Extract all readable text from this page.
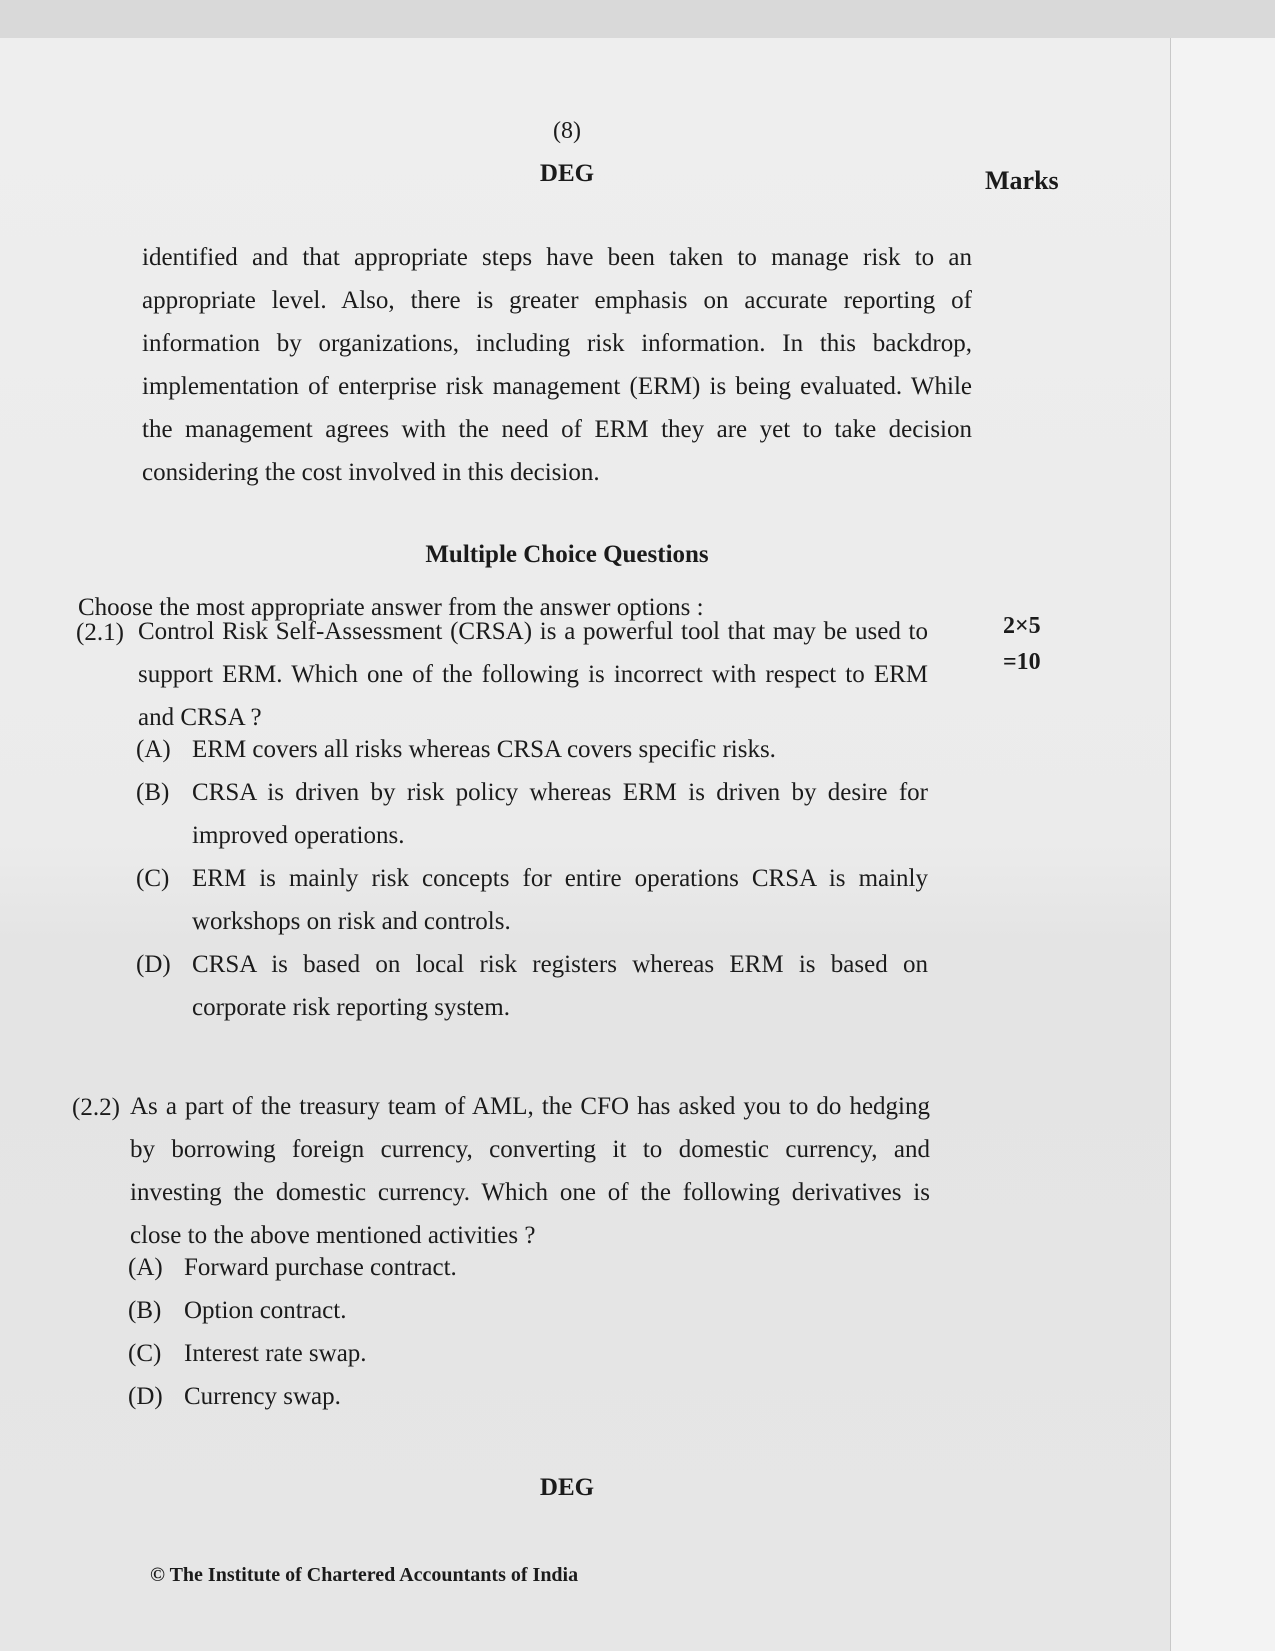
(8)
DEG	Marks

identified and that appropriate steps have been taken to manage risk to an appropriate level. Also, there is greater emphasis on accurate reporting of information by organizations, including risk information. In this backdrop, implementation of enterprise risk management (ERM) is being evaluated. While the management agrees with the need of ERM they are yet to take decision considering the cost involved in this decision.

Multiple Choice Questions
Choose the most appropriate answer from the answer options :
2×5
=10
(2.1) Control Risk Self-Assessment (CRSA) is a powerful tool that may be used to support ERM. Which one of the following is incorrect with respect to ERM and CRSA ?

(A) ERM covers all risks whereas CRSA covers specific risks.

(B) CRSA is driven by risk policy whereas ERM is driven by desire for improved operations.

(C) ERM is mainly risk concepts for entire operations CRSA is mainly workshops on risk and controls.

(D) CRSA is based on local risk registers whereas ERM is based on corporate risk reporting system.

(2.2) As a part of the treasury team of AML, the CFO has asked you to do hedging by borrowing foreign currency, converting it to domestic currency, and investing the domestic currency. Which one of the following derivatives is close to the above mentioned activities ?

(A) Forward purchase contract.

(B) Option contract.

(C) Interest rate swap.

(D) Currency swap.

DEG
© The Institute of Chartered Accountants of India
